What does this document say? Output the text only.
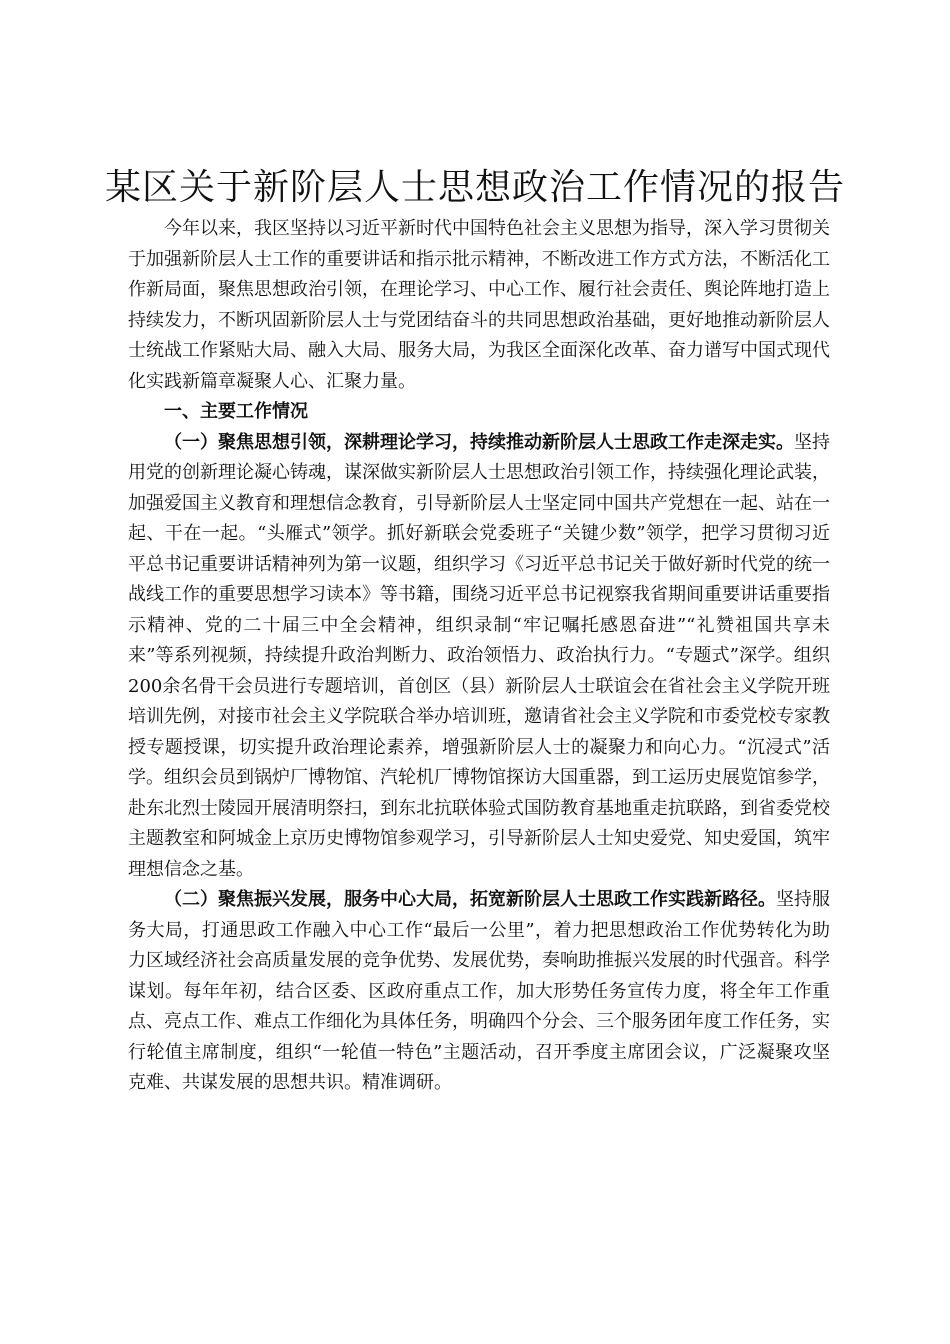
某区关于新阶层人士思想政治工作情况的报告

今年以来，我区坚持以习近平新时代中国特色社会主义思想为指导，深入学习贯彻关于加强新阶层人士工作的重要讲话和指示批示精神，不断改进工作方式方法，不断活化工作新局面，聚焦思想政治引领，在理论学习、中心工作、履行社会责任、舆论阵地打造上持续发力，不断巩固新阶层人士与党团结奋斗的共同思想政治基础，更好地推动新阶层人士统战工作紧贴大局、融入大局、服务大局，为我区全面深化改革、奋力谱写中国式现代化实践新篇章凝聚人心、汇聚力量。

一、主要工作情况

（一）聚焦思想引领，深耕理论学习，持续推动新阶层人士思政工作走深走实。坚持用党的创新理论凝心铸魂，谋深做实新阶层人士思想政治引领工作，持续强化理论武装，加强爱国主义教育和理想信念教育，引导新阶层人士坚定同中国共产党想在一起、站在一起、干在一起。“头雁式”领学。抓好新联会党委班子“关键少数”领学，把学习贯彻习近平总书记重要讲话精神列为第一议题，组织学习《习近平总书记关于做好新时代党的统一战线工作的重要思想学习读本》等书籍，围绕习近平总书记视察我省期间重要讲话重要指示精神、党的二十届三中全会精神，组织录制“牢记嘱托感恩奋进”“礼赞祖国共享未来”等系列视频，持续提升政治判断力、政治领悟力、政治执行力。“专题式”深学。组织200余名骨干会员进行专题培训，首创区（县）新阶层人士联谊会在省社会主义学院开班培训先例，对接市社会主义学院联合举办培训班，邀请省社会主义学院和市委党校专家教授专题授课，切实提升政治理论素养，增强新阶层人士的凝聚力和向心力。“沉浸式”活学。组织会员到锅炉厂博物馆、汽轮机厂博物馆探访大国重器，到工运历史展览馆参学，赴东北烈士陵园开展清明祭扫，到东北抗联体验式国防教育基地重走抗联路，到省委党校主题教室和阿城金上京历史博物馆参观学习，引导新阶层人士知史爱党、知史爱国，筑牢理想信念之基。

（二）聚焦振兴发展，服务中心大局，拓宽新阶层人士思政工作实践新路径。坚持服务大局，打通思政工作融入中心工作“最后一公里”，着力把思想政治工作优势转化为助力区域经济社会高质量发展的竞争优势、发展优势，奏响助推振兴发展的时代强音。科学谋划。每年年初，结合区委、区政府重点工作，加大形势任务宣传力度，将全年工作重点、亮点工作、难点工作细化为具体任务，明确四个分会、三个服务团年度工作任务，实行轮值主席制度，组织“一轮值一特色”主题活动，召开季度主席团会议，广泛凝聚攻坚克难、共谋发展的思想共识。精准调研。
